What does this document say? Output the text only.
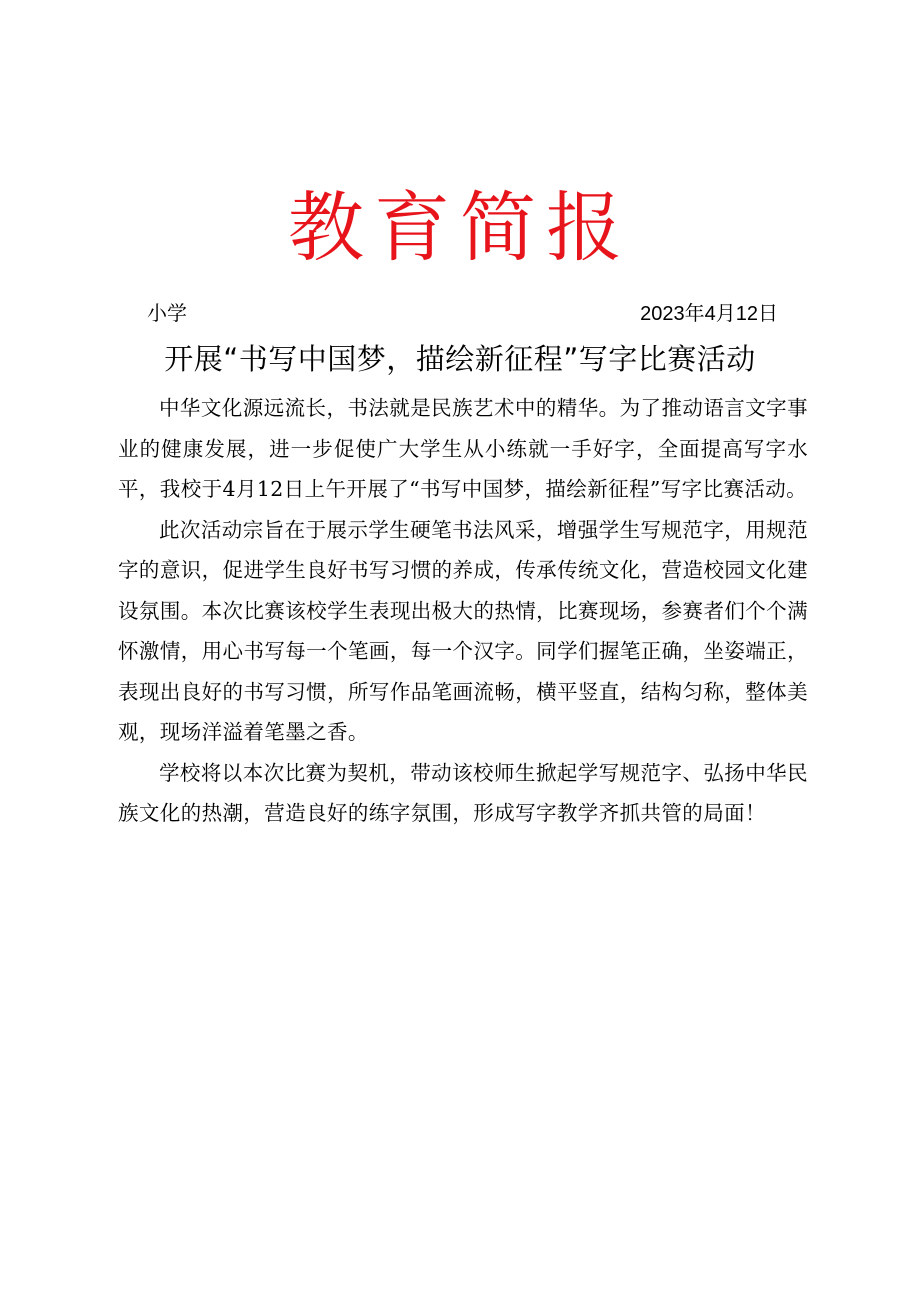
教育简报
小学	2023年4月12日
开展“书写中国梦，描绘新征程”写字比赛活动

中华文化源远流长，书法就是民族艺术中的精华。为了推动语言文字事业的健康发展，进一步促使广大学生从小练就一手好字，全面提高写字水平，我校于4月12日上午开展了“书写中国梦，描绘新征程”写字比赛活动。

此次活动宗旨在于展示学生硬笔书法风采，增强学生写规范字，用规范字的意识，促进学生良好书写习惯的养成，传承传统文化，营造校园文化建设氛围。本次比赛该校学生表现出极大的热情，比赛现场，参赛者们个个满怀激情，用心书写每一个笔画，每一个汉字。同学们握笔正确，坐姿端正，表现出良好的书写习惯，所写作品笔画流畅，横平竖直，结构匀称，整体美观，现场洋溢着笔墨之香。

学校将以本次比赛为契机，带动该校师生掀起学写规范字、弘扬中华民族文化的热潮，营造良好的练字氛围，形成写字教学齐抓共管的局面！
